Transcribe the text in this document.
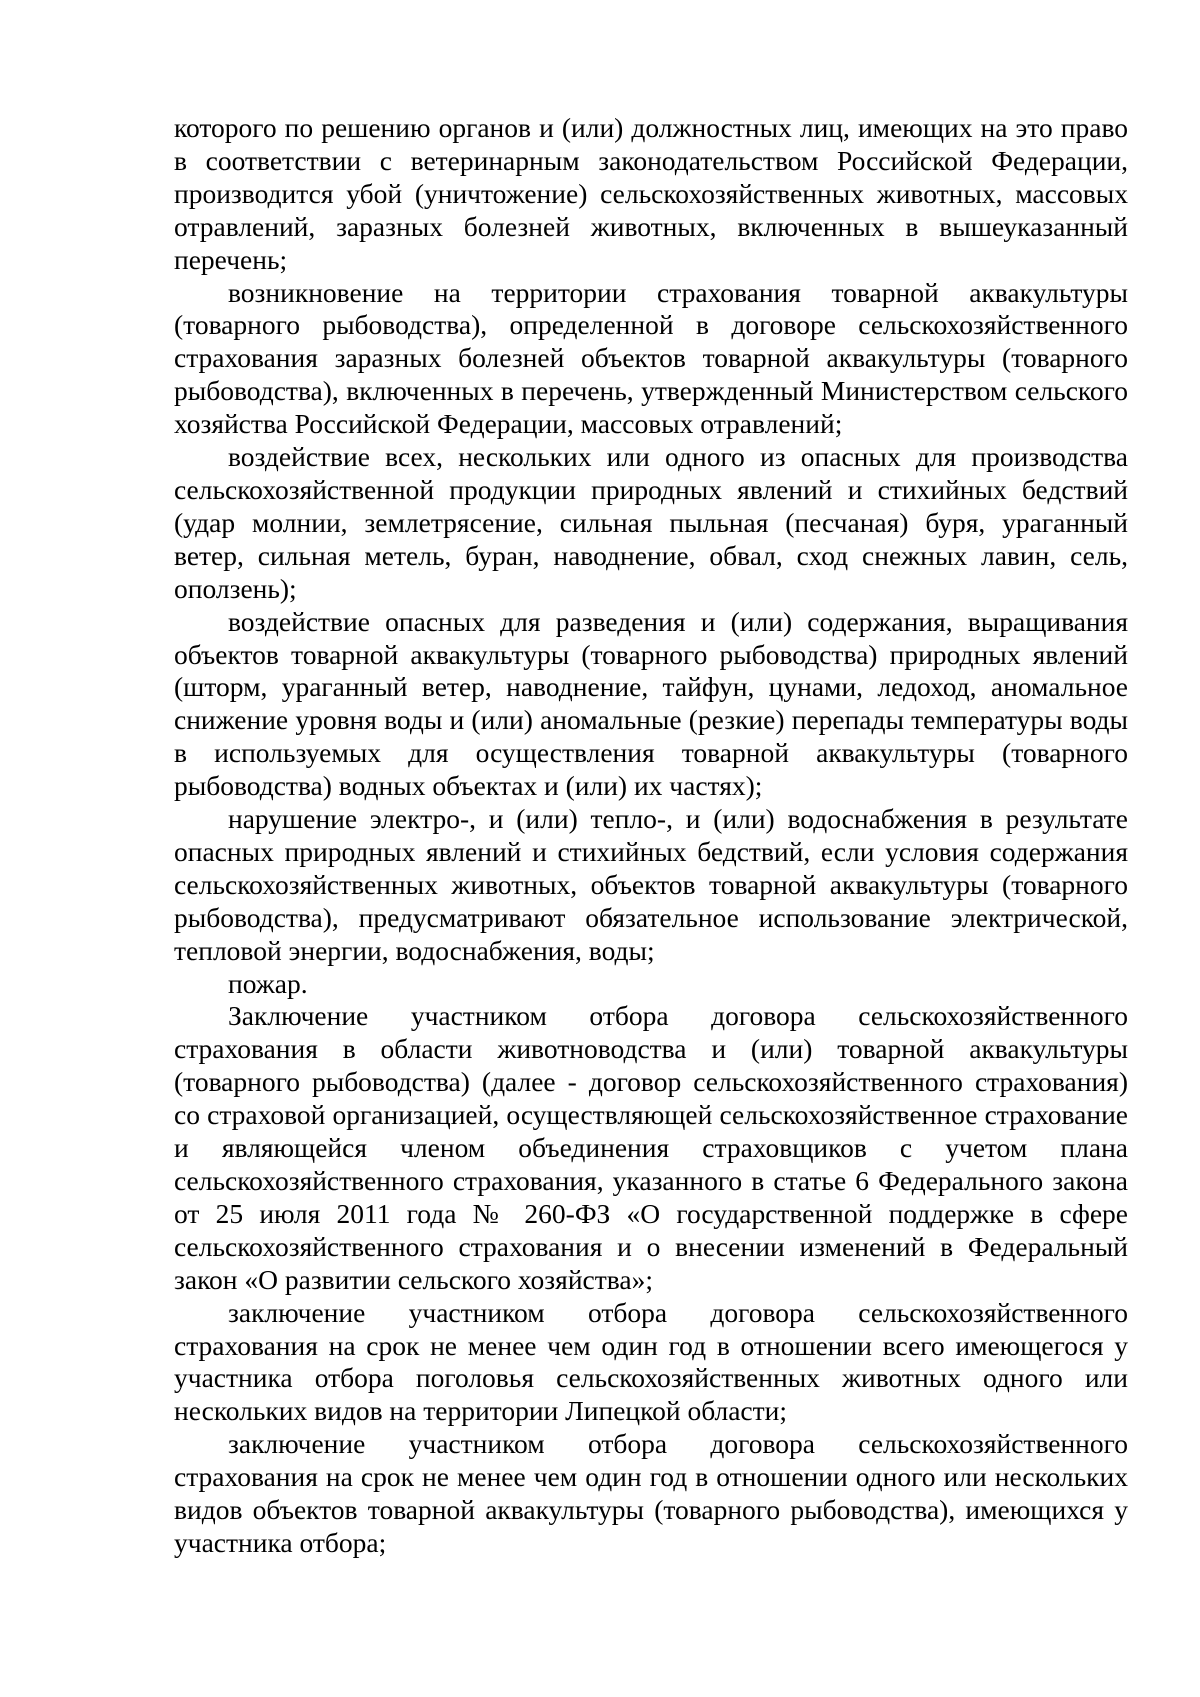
которого по решению органов и (или) должностных лиц, имеющих на это право в соответствии с ветеринарным законодательством Российской Федерации, производится убой (уничтожение) сельскохозяйственных животных, массовых отравлений, заразных болезней животных, включенных в вышеуказанный перечень;

возникновение на территории страхования товарной аквакультуры (товарного рыбоводства), определенной в договоре сельскохозяйственного страхования заразных болезней объектов товарной аквакультуры (товарного рыбоводства), включенных в перечень, утвержденный Министерством сельского хозяйства Российской Федерации, массовых отравлений;

воздействие всех, нескольких или одного из опасных для производства сельскохозяйственной продукции природных явлений и стихийных бедствий (удар молнии, землетрясение, сильная пыльная (песчаная) буря, ураганный ветер, сильная метель, буран, наводнение, обвал, сход снежных лавин, сель, оползень);

воздействие опасных для разведения и (или) содержания, выращивания объектов товарной аквакультуры (товарного рыбоводства) природных явлений (шторм, ураганный ветер, наводнение, тайфун, цунами, ледоход, аномальное снижение уровня воды и (или) аномальные (резкие) перепады температуры воды в используемых для осуществления товарной аквакультуры (товарного рыбоводства) водных объектах и (или) их частях);

нарушение электро-, и (или) тепло-, и (или) водоснабжения в результате опасных природных явлений и стихийных бедствий, если условия содержания сельскохозяйственных животных, объектов товарной аквакультуры (товарного рыбоводства), предусматривают обязательное использование электрической, тепловой энергии, водоснабжения, воды;

пожар.

Заключение участником отбора договора сельскохозяйственного страхования в области животноводства и (или) товарной аквакультуры (товарного рыбоводства) (далее - договор сельскохозяйственного страхования) со страховой организацией, осуществляющей сельскохозяйственное страхование и являющейся членом объединения страховщиков с учетом плана сельскохозяйственного страхования, указанного в статье 6 Федерального закона от 25 июля 2011 года № 260-ФЗ «О государственной поддержке в сфере сельскохозяйственного страхования и о внесении изменений в Федеральный закон «О развитии сельского хозяйства»;

заключение участником отбора договора сельскохозяйственного страхования на срок не менее чем один год в отношении всего имеющегося у участника отбора поголовья сельскохозяйственных животных одного или нескольких видов на территории Липецкой области;

заключение участником отбора договора сельскохозяйственного страхования на срок не менее чем один год в отношении одного или нескольких видов объектов товарной аквакультуры (товарного рыбоводства), имеющихся у участника отбора;
